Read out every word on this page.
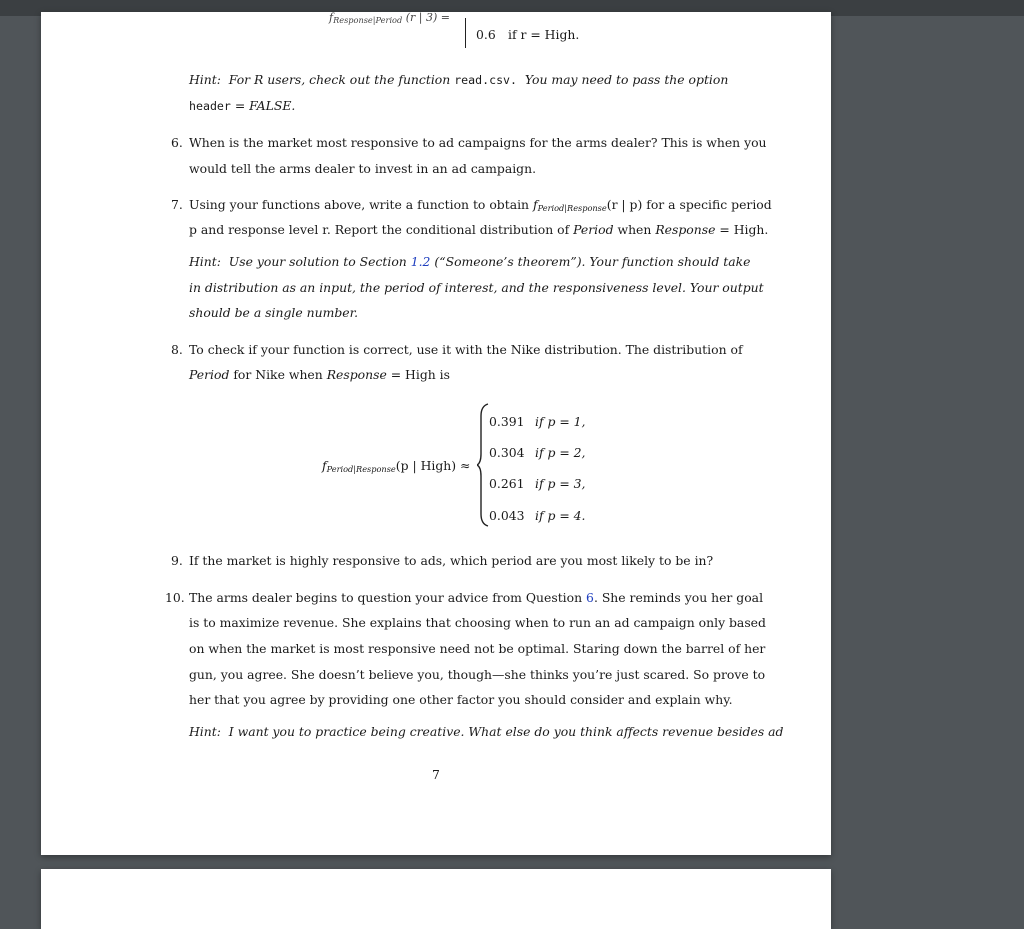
$f_{Response|Period}$ (r | 3) =
0.6 if r = High.
Hint: For R users, check out the function read.csv. You may need to pass the option
header = FALSE.
6. When is the market most responsive to ad campaigns for the arms dealer? This is when you
would tell the arms dealer to invest in an ad campaign.
7. Using your functions above, write a function to obtain $f_{Period|Response}(r$ | p) for a specific period
p and response level r. Report the conditional distribution of Period when Response = High.
Hint: Use your solution to Section 1.2 (“Someone’s theorem”). Your function should take
in distribution as an input, the period of interest, and the responsiveness level. Your output
should be a single number.
8. To check if your function is correct, use it with the Nike distribution. The distribution of
Period for Nike when Response = High is
$f_{Period|Response}(p$ | High) ≈
0.391 if p = 1,
0.304 if p = 2,
0.261 if p = 3,
0.043 if p = 4.
9. If the market is highly responsive to ads, which period are you most likely to be in?
10. The arms dealer begins to question your advice from Question 6. She reminds you her goal
is to maximize revenue. She explains that choosing when to run an ad campaign only based
on when the market is most responsive need not be optimal. Staring down the barrel of her
gun, you agree. She doesn’t believe you, though—she thinks you’re just scared. So prove to
her that you agree by providing one other factor you should consider and explain why.
Hint: I want you to practice being creative. What else do you think affects revenue besides ad
7
